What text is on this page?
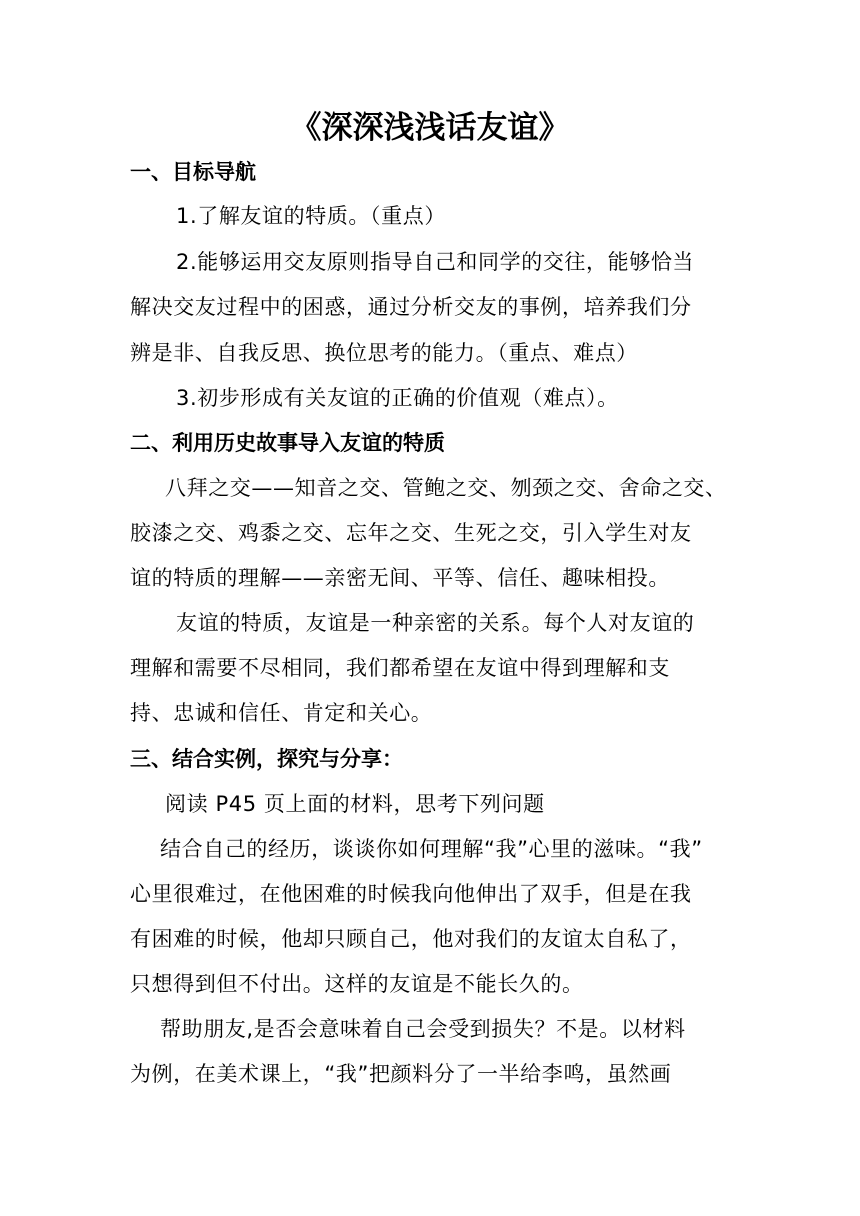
《深深浅浅话友谊》
一、目标导航
1.了解友谊的特质。（重点）
2.能够运用交友原则指导自己和同学的交往，能够恰当
解决交友过程中的困惑，通过分析交友的事例，培养我们分
辨是非、自我反思、换位思考的能力。（重点、难点）
3.初步形成有关友谊的正确的价值观（难点）。
二、利用历史故事导入友谊的特质
八拜之交——知音之交、管鲍之交、刎颈之交、舍命之交、
胶漆之交、鸡黍之交、忘年之交、生死之交，引入学生对友
谊的特质的理解——亲密无间、平等、信任、趣味相投。
友谊的特质，友谊是一种亲密的关系。每个人对友谊的
理解和需要不尽相同，我们都希望在友谊中得到理解和支
持、忠诚和信任、肯定和关心。
三、结合实例，探究与分享：
阅读 P45 页上面的材料，思考下列问题
结合自己的经历，谈谈你如何理解“我”心里的滋味。“我”
心里很难过，在他困难的时候我向他伸出了双手，但是在我
有困难的时候，他却只顾自己，他对我们的友谊太自私了，
只想得到但不付出。这样的友谊是不能长久的。
帮助朋友,是否会意味着自己会受到损失？不是。以材料
为例，在美术课上，“我”把颜料分了一半给李鸣，虽然画
